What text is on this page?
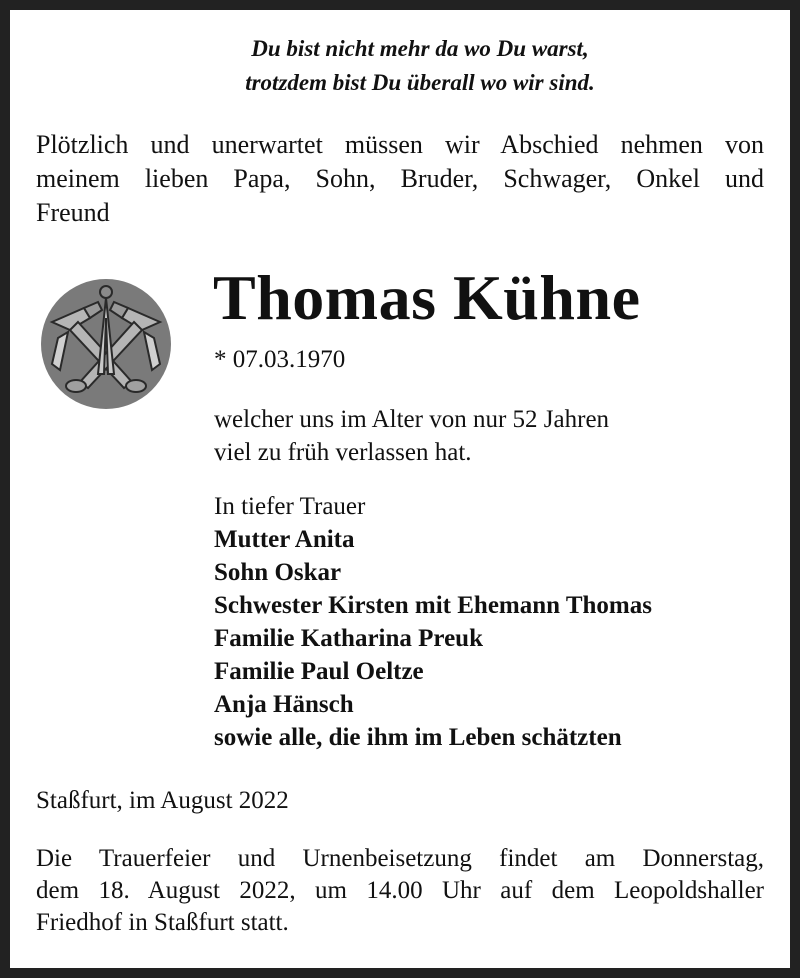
Du bist nicht mehr da wo Du warst,
trotzdem bist Du überall wo wir sind.
Plötzlich und unerwartet müssen wir Abschied nehmen von
meinem lieben Papa, Sohn, Bruder, Schwager, Onkel und
Freund
Thomas Kühne
* 07.03.1970
welcher uns im Alter von nur 52 Jahren
viel zu früh verlassen hat.
In tiefer Trauer
Mutter Anita
Sohn Oskar
Schwester Kirsten mit Ehemann Thomas
Familie Katharina Preuk
Familie Paul Oeltze
Anja Hänsch
sowie alle, die ihm im Leben schätzten
Staßfurt, im August 2022
Die Trauerfeier und Urnenbeisetzung findet am Donnerstag,
dem 18. August 2022, um 14.00 Uhr auf dem Leopoldshaller
Friedhof in Staßfurt statt.
